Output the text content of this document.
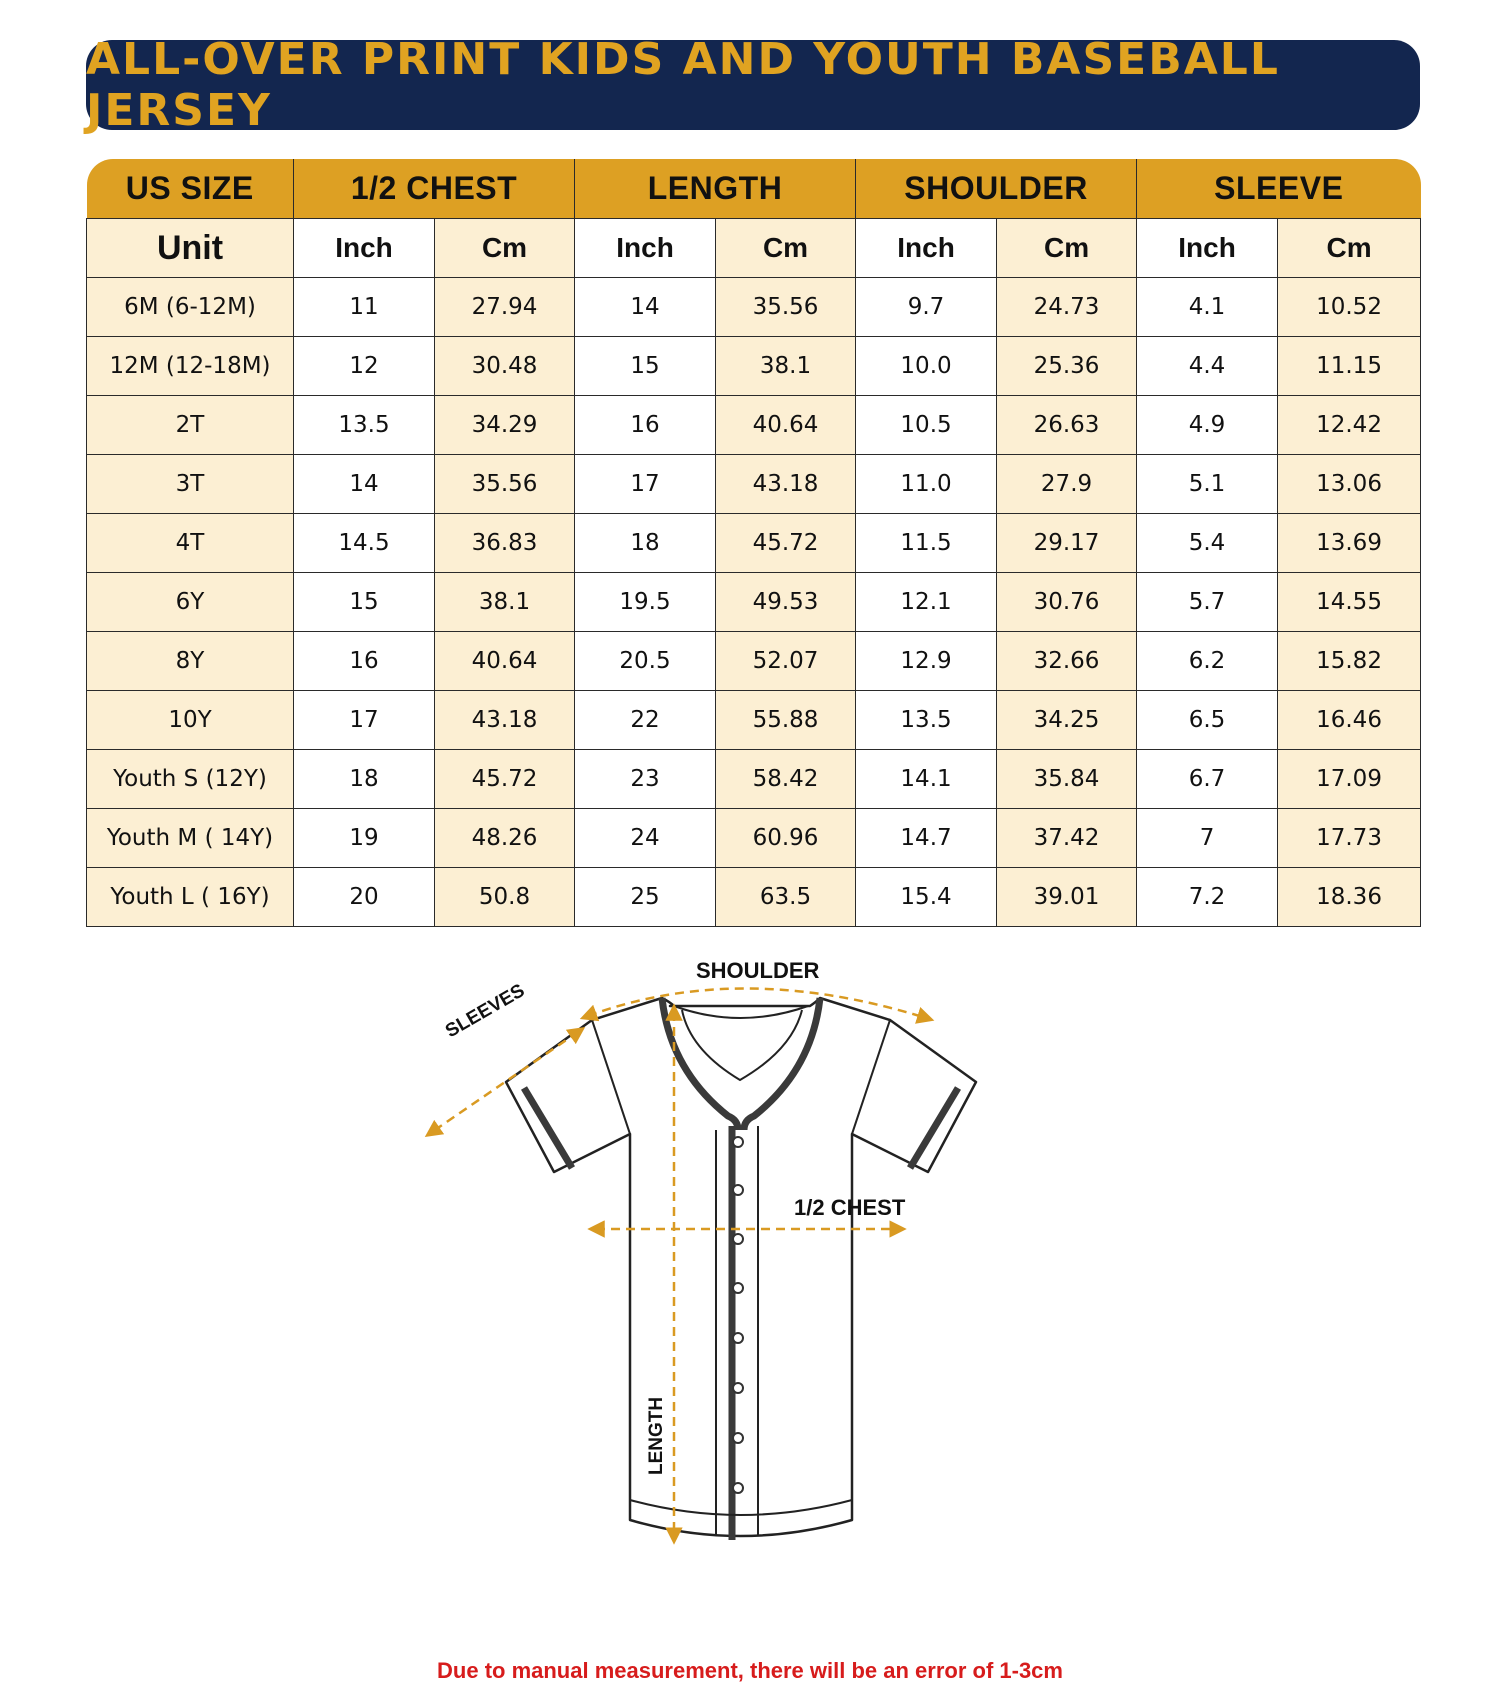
ALL-OVER PRINT KIDS AND YOUTH BASEBALL JERSEY
US SIZE	1/2 CHEST		LENGTH		SHOULDER		SLEEVE	
Unit	Inch	Cm	Inch	Cm	Inch	Cm	Inch	Cm
6M (6-12M)	11	27.94	14	35.56	9.7	24.73	4.1	10.52
12M (12-18M)	12	30.48	15	38.1	10.0	25.36	4.4	11.15
2T	13.5	34.29	16	40.64	10.5	26.63	4.9	12.42
3T	14	35.56	17	43.18	11.0	27.9	5.1	13.06
4T	14.5	36.83	18	45.72	11.5	29.17	5.4	13.69
6Y	15	38.1	19.5	49.53	12.1	30.76	5.7	14.55
8Y	16	40.64	20.5	52.07	12.9	32.66	6.2	15.82
10Y	17	43.18	22	55.88	13.5	34.25	6.5	16.46
Youth S (12Y)	18	45.72	23	58.42	14.1	35.84	6.7	17.09
Youth M ( 14Y)	19	48.26	24	60.96	14.7	37.42	7	17.73
Youth L ( 16Y)	20	50.8	25	63.5	15.4	39.01	7.2	18.36
SHOULDER
SLEEVES
1/2 CHEST
LENGTH
Due to manual measurement, there will be an error of 1-3cm
